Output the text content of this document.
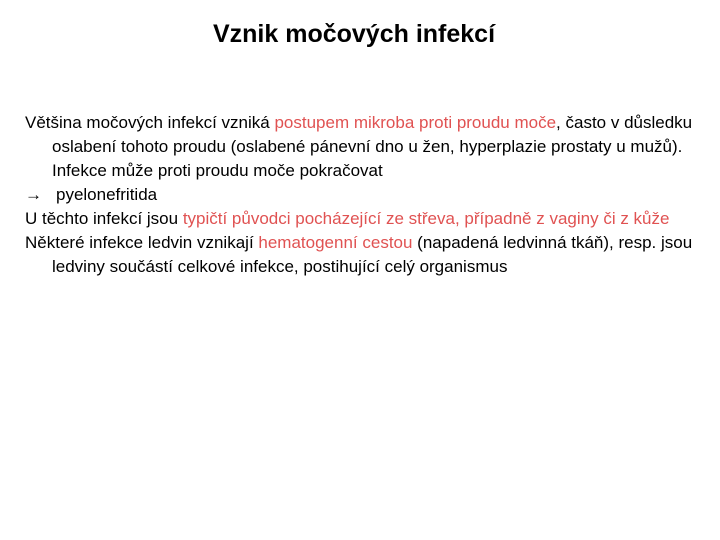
Vznik močových infekcí

Většina močových infekcí vzniká postupem mikroba proti proudu moče, často v důsledku oslabení tohoto proudu (oslabené pánevní dno u žen, hyperplazie prostaty u mužů). Infekce může proti proudu moče pokračovat
→ pyelonefritida

U těchto infekcí jsou typičtí původci pocházející ze střeva, případně z vaginy či z kůže

Některé infekce ledvin vznikají hematogenní cestou (napadená ledvinná tkáň), resp. jsou ledviny součástí celkové infekce, postihující celý organismus
